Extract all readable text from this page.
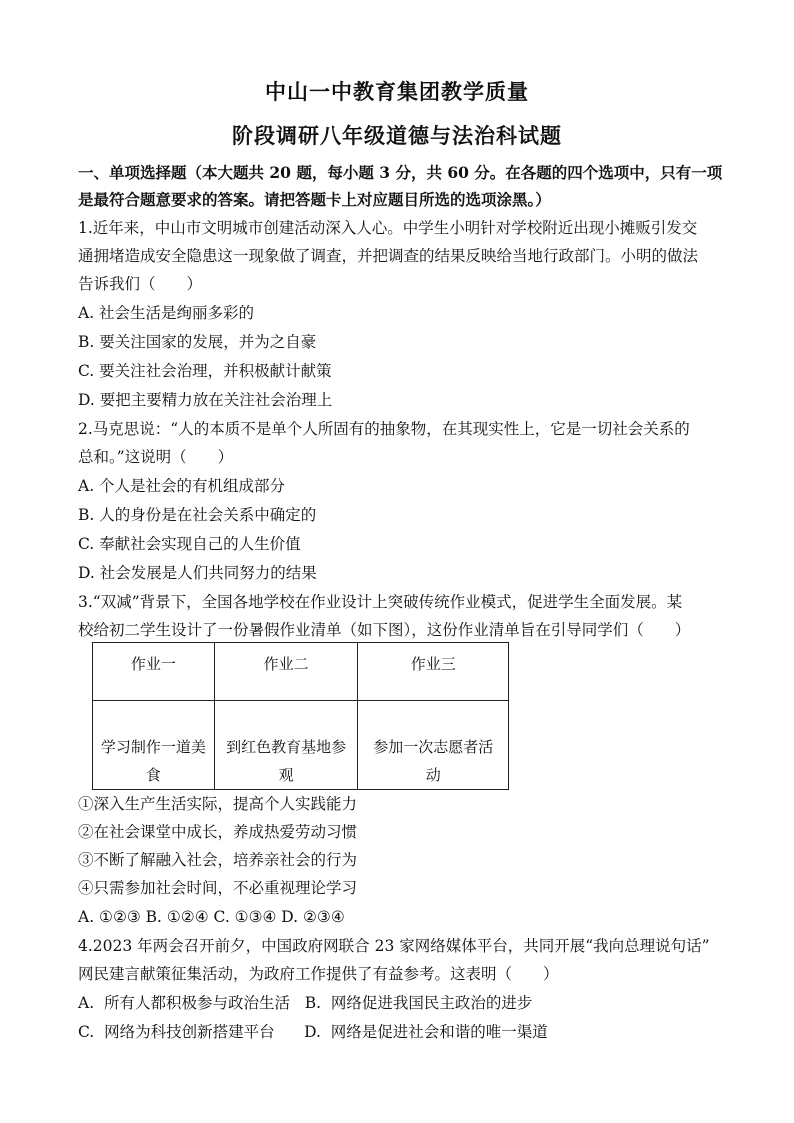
中山一中教育集团教学质量
阶段调研八年级道德与法治科试题
一、单项选择题（本大题共 20 题，每小题 3 分，共 60 分。在各题的四个选项中，只有一项
是最符合题意要求的答案。请把答题卡上对应题目所选的选项涂黑。）
1.近年来，中山市文明城市创建活动深入人心。中学生小明针对学校附近出现小摊贩引发交
通拥堵造成安全隐患这一现象做了调查，并把调查的结果反映给当地行政部门。小明的做法
告诉我们（　　）
A. 社会生活是绚丽多彩的
B. 要关注国家的发展，并为之自豪
C. 要关注社会治理，并积极献计献策
D. 要把主要精力放在关注社会治理上
2.马克思说：“人的本质不是单个人所固有的抽象物，在其现实性上，它是一切社会关系的
总和。”这说明（　　）
A. 个人是社会的有机组成部分
B. 人的身份是在社会关系中确定的
C. 奉献社会实现自己的人生价值
D. 社会发展是人们共同努力的结果
3.“双减”背景下，全国各地学校在作业设计上突破传统作业模式，促进学生全面发展。某
校给初二学生设计了一份暑假作业清单（如下图），这份作业清单旨在引导同学们（　　）
作业一	作业二	作业三
学习制作一道美食	到红色教育基地参观	参加一次志愿者活动
①深入生产生活实际，提高个人实践能力
②在社会课堂中成长，养成热爱劳动习惯
③不断了解融入社会，培养亲社会的行为
④只需参加社会时间，不必重视理论学习
A. ①②③ B. ①②④ C. ①③④ D. ②③④
4.2023 年两会召开前夕，中国政府网联合 23 家网络媒体平台，共同开展“我向总理说句话”
网民建言献策征集活动，为政府工作提供了有益参考。这表明（　　）
A.  所有人都积极参与政治生活   B.  网络促进我国民主政治的进步
C.  网络为科技创新搭建平台      D.  网络是促进社会和谐的唯一渠道
